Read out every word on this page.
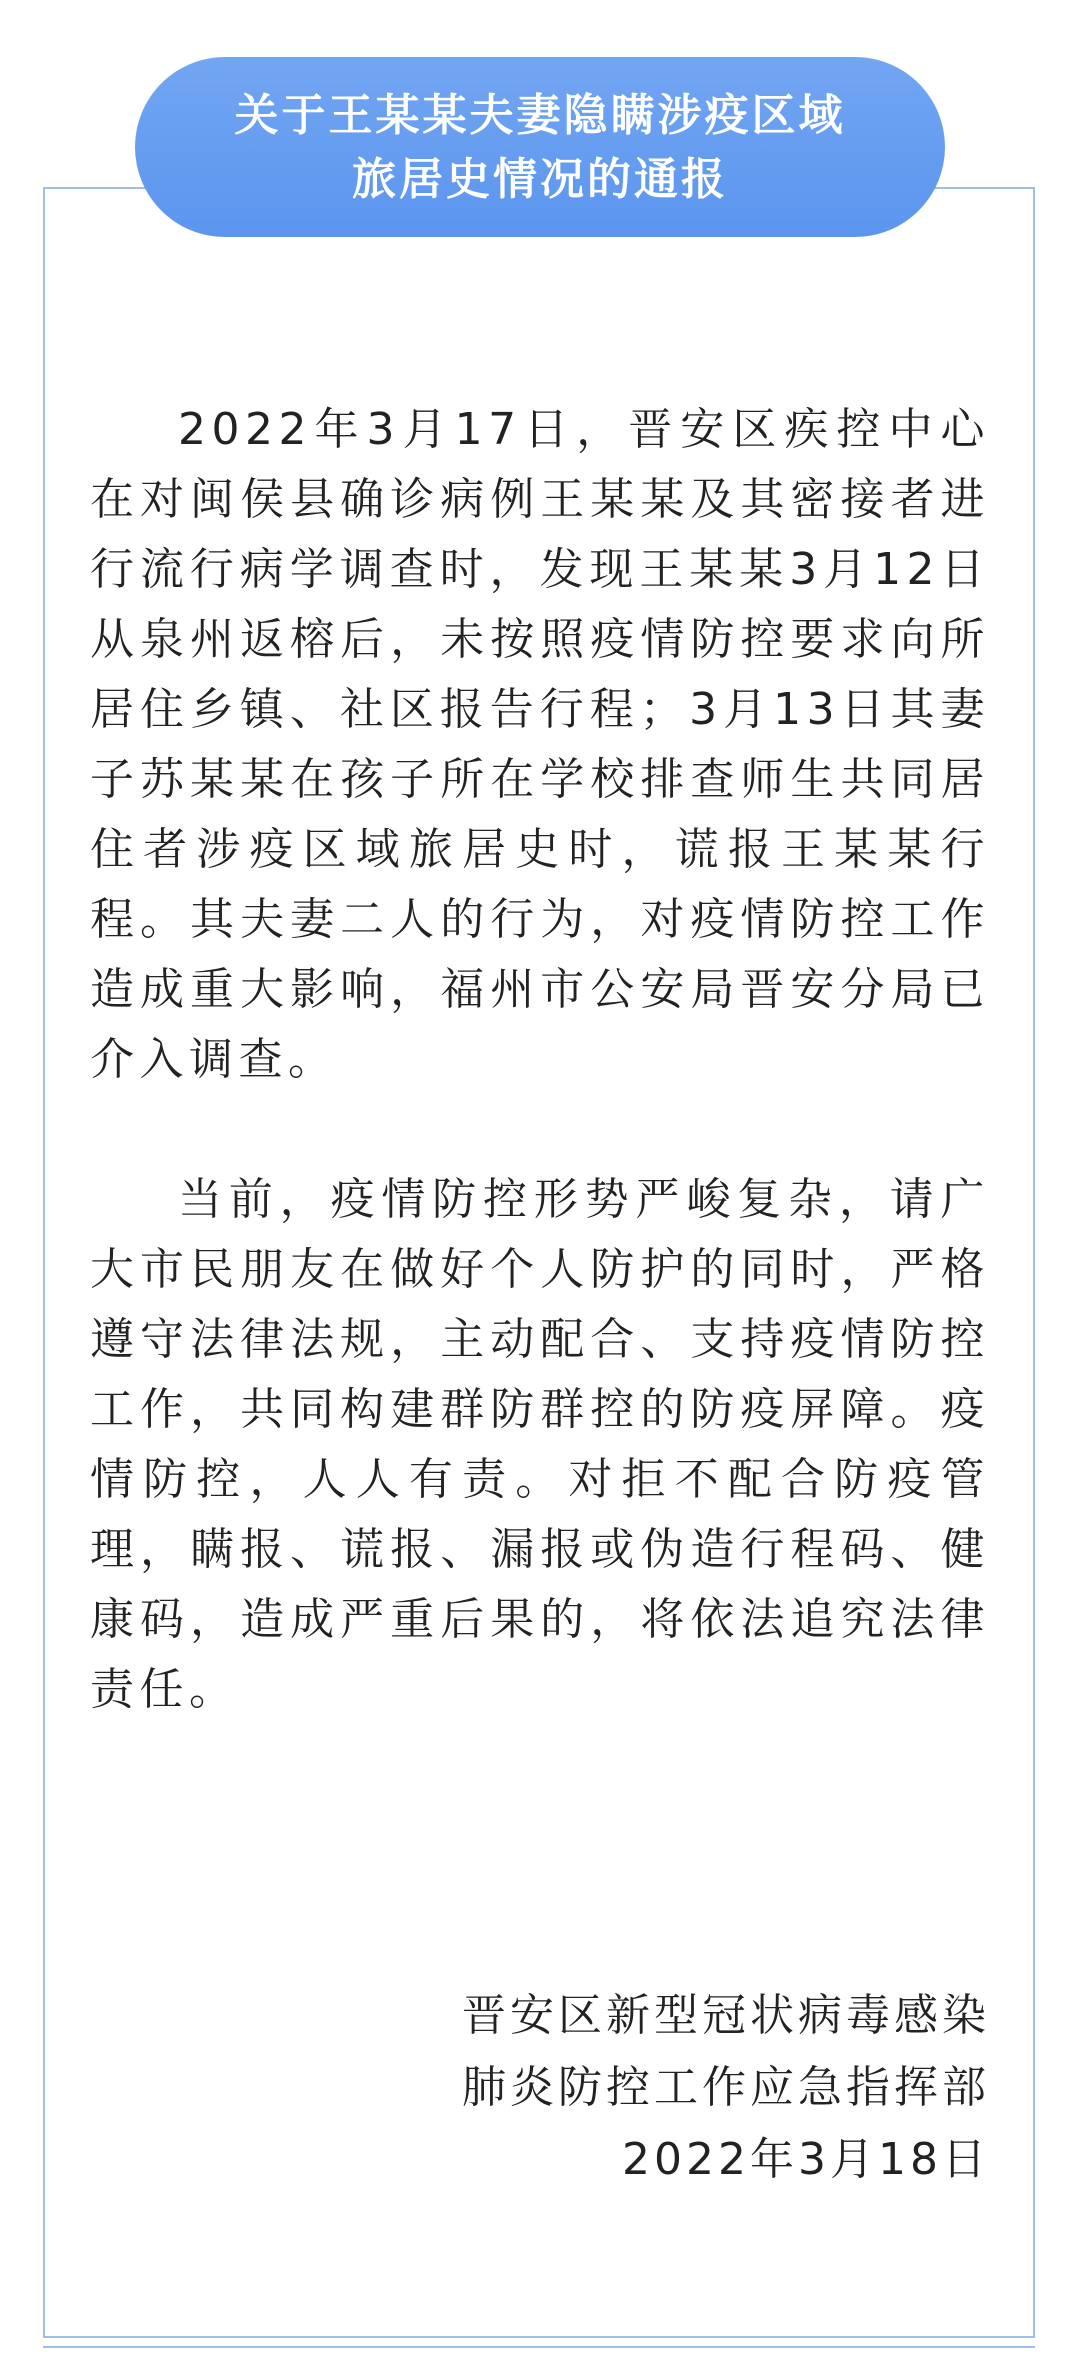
关于王某某夫妻隐瞒涉疫区域
旅居史情况的通报

2022年3月17日，晋安区疾控中心在对闽侯县确诊病例王某某及其密接者进行流行病学调查时，发现王某某3月12日从泉州返榕后，未按照疫情防控要求向所居住乡镇、社区报告行程；3月13日其妻子苏某某在孩子所在学校排查师生共同居住者涉疫区域旅居史时，谎报王某某行程。其夫妻二人的行为，对疫情防控工作造成重大影响，福州市公安局晋安分局已介入调查。

当前，疫情防控形势严峻复杂，请广大市民朋友在做好个人防护的同时，严格遵守法律法规，主动配合、支持疫情防控工作，共同构建群防群控的防疫屏障。疫情防控，人人有责。对拒不配合防疫管理，瞒报、谎报、漏报或伪造行程码、健康码，造成严重后果的，将依法追究法律责任。

晋安区新型冠状病毒感染
肺炎防控工作应急指挥部
2022年3月18日
